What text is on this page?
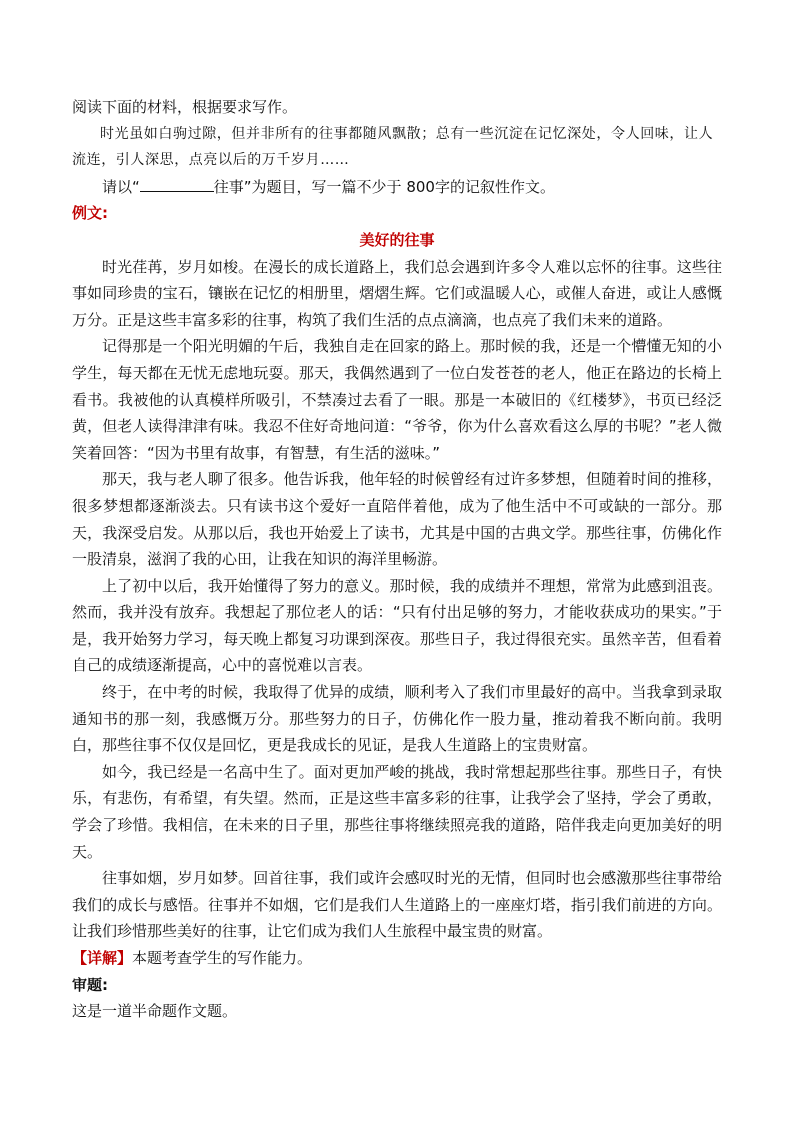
阅读下面的材料，根据要求写作。

时光虽如白驹过隙，但并非所有的往事都随风飘散；总有一些沉淀在记忆深处，令人回味，让人流连，引人深思，点亮以后的万千岁月……

请以“	往事”为题目，写一篇不少于 800字的记叙性作文。

例文:

美好的往事

时光荏苒，岁月如梭。在漫长的成长道路上，我们总会遇到许多令人难以忘怀的往事。这些往事如同珍贵的宝石，镶嵌在记忆的相册里，熠熠生辉。它们或温暖人心，或催人奋进，或让人感慨万分。正是这些丰富多彩的往事，构筑了我们生活的点点滴滴，也点亮了我们未来的道路。

记得那是一个阳光明媚的午后，我独自走在回家的路上。那时候的我，还是一个懵懂无知的小学生，每天都在无忧无虑地玩耍。那天，我偶然遇到了一位白发苍苍的老人，他正在路边的长椅上看书。我被他的认真模样所吸引，不禁凑过去看了一眼。那是一本破旧的《红楼梦》，书页已经泛黄，但老人读得津津有味。我忍不住好奇地问道：“爷爷，你为什么喜欢看这么厚的书呢？”老人微笑着回答：“因为书里有故事，有智慧，有生活的滋味。”

那天，我与老人聊了很多。他告诉我，他年轻的时候曾经有过许多梦想，但随着时间的推移，很多梦想都逐渐淡去。只有读书这个爱好一直陪伴着他，成为了他生活中不可或缺的一部分。那天，我深受启发。从那以后，我也开始爱上了读书，尤其是中国的古典文学。那些往事，仿佛化作一股清泉，滋润了我的心田，让我在知识的海洋里畅游。

上了初中以后，我开始懂得了努力的意义。那时候，我的成绩并不理想，常常为此感到沮丧。然而，我并没有放弃。我想起了那位老人的话：“只有付出足够的努力，才能收获成功的果实。”于是，我开始努力学习，每天晚上都复习功课到深夜。那些日子，我过得很充实。虽然辛苦，但看着自己的成绩逐渐提高，心中的喜悦难以言表。

终于，在中考的时候，我取得了优异的成绩，顺利考入了我们市里最好的高中。当我拿到录取通知书的那一刻，我感慨万分。那些努力的日子，仿佛化作一股力量，推动着我不断向前。我明白，那些往事不仅仅是回忆，更是我成长的见证，是我人生道路上的宝贵财富。

如今，我已经是一名高中生了。面对更加严峻的挑战，我时常想起那些往事。那些日子，有快乐，有悲伤，有希望，有失望。然而，正是这些丰富多彩的往事，让我学会了坚持，学会了勇敢，学会了珍惜。我相信，在未来的日子里，那些往事将继续照亮我的道路，陪伴我走向更加美好的明天。

往事如烟，岁月如梦。回首往事，我们或许会感叹时光的无情，但同时也会感激那些往事带给我们的成长与感悟。往事并不如烟，它们是我们人生道路上的一座座灯塔，指引我们前进的方向。让我们珍惜那些美好的往事，让它们成为我们人生旅程中最宝贵的财富。

【详解】本题考查学生的写作能力。

审题:

这是一道半命题作文题。
